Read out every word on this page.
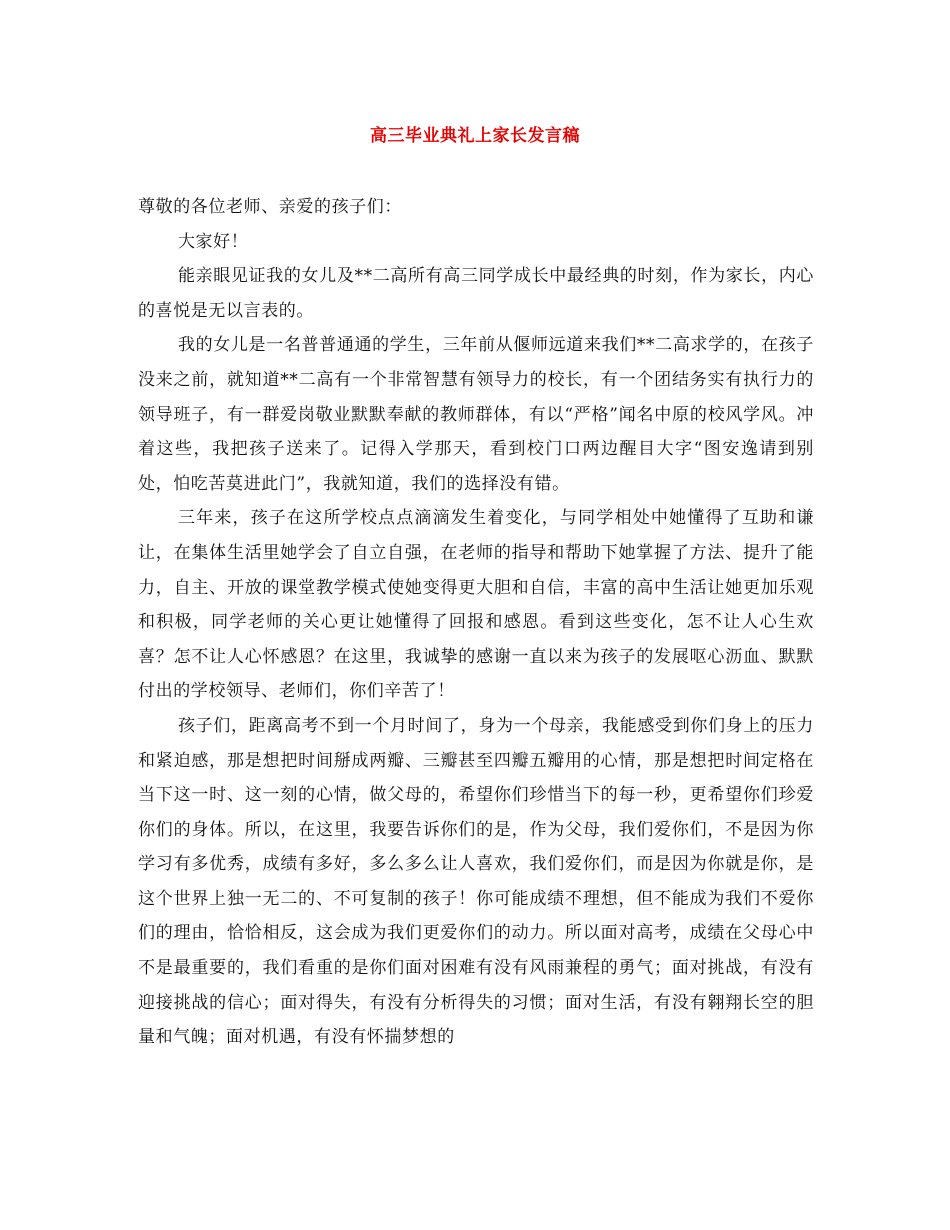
高三毕业典礼上家长发言稿

尊敬的各位老师、亲爱的孩子们：

大家好！

能亲眼见证我的女儿及**二高所有高三同学成长中最经典的时刻，作为家长，内心的喜悦是无以言表的。

我的女儿是一名普普通通的学生，三年前从偃师远道来我们**二高求学的，在孩子没来之前，就知道**二高有一个非常智慧有领导力的校长，有一个团结务实有执行力的领导班子，有一群爱岗敬业默默奉献的教师群体，有以“严格”闻名中原的校风学风。冲着这些，我把孩子送来了。记得入学那天，看到校门口两边醒目大字“图安逸请到别处，怕吃苦莫进此门”，我就知道，我们的选择没有错。

三年来，孩子在这所学校点点滴滴发生着变化，与同学相处中她懂得了互助和谦让，在集体生活里她学会了自立自强，在老师的指导和帮助下她掌握了方法、提升了能力，自主、开放的课堂教学模式使她变得更大胆和自信，丰富的高中生活让她更加乐观和积极，同学老师的关心更让她懂得了回报和感恩。看到这些变化，怎不让人心生欢喜？怎不让人心怀感恩？在这里，我诚挚的感谢一直以来为孩子的发展呕心沥血、默默付出的学校领导、老师们，你们辛苦了！

孩子们，距离高考不到一个月时间了，身为一个母亲，我能感受到你们身上的压力和紧迫感，那是想把时间掰成两瓣、三瓣甚至四瓣五瓣用的心情，那是想把时间定格在当下这一时、这一刻的心情，做父母的，希望你们珍惜当下的每一秒，更希望你们珍爱你们的身体。所以，在这里，我要告诉你们的是，作为父母，我们爱你们，不是因为你学习有多优秀，成绩有多好，多么多么让人喜欢，我们爱你们，而是因为你就是你，是这个世界上独一无二的、不可复制的孩子！你可能成绩不理想，但不能成为我们不爱你们的理由，恰恰相反，这会成为我们更爱你们的动力。所以面对高考，成绩在父母心中不是最重要的，我们看重的是你们面对困难有没有风雨兼程的勇气；面对挑战，有没有迎接挑战的信心；面对得失，有没有分析得失的习惯；面对生活，有没有翱翔长空的胆量和气魄；面对机遇，有没有怀揣梦想的
